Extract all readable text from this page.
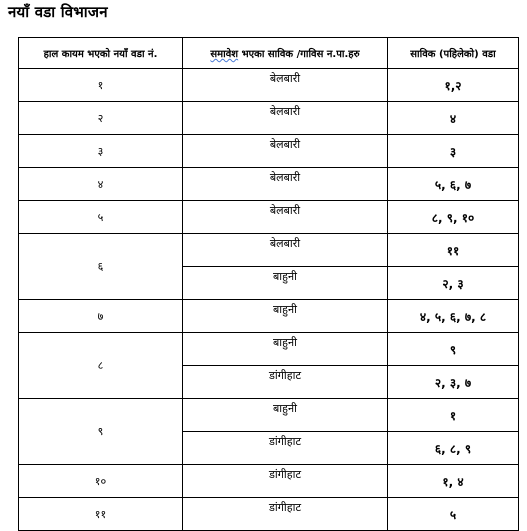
नयाँ वडा विभाजन
हाल कायम भएको नयाँ वडा नं.	समावेश भएका साविक /गाविस न.पा.हरु	साविक (पहिलेको) वडा
१	बेलबारी	१,२
२	बेलबारी	४
३	बेलबारी	३
४	बेलबारी	५, ६, ७
५	बेलबारी	८, ९, १०
६	बेलबारी	११
	बाहुनी	२, ३
७	बाहुनी	४, ५, ६, ७, ८
८	बाहुनी	९
	डांगीहाट	२, ३, ७
९	बाहुनी	१
	डांगीहाट	६, ८, ९
१०	डांगीहाट	१, ४
११	डांगीहाट	५
